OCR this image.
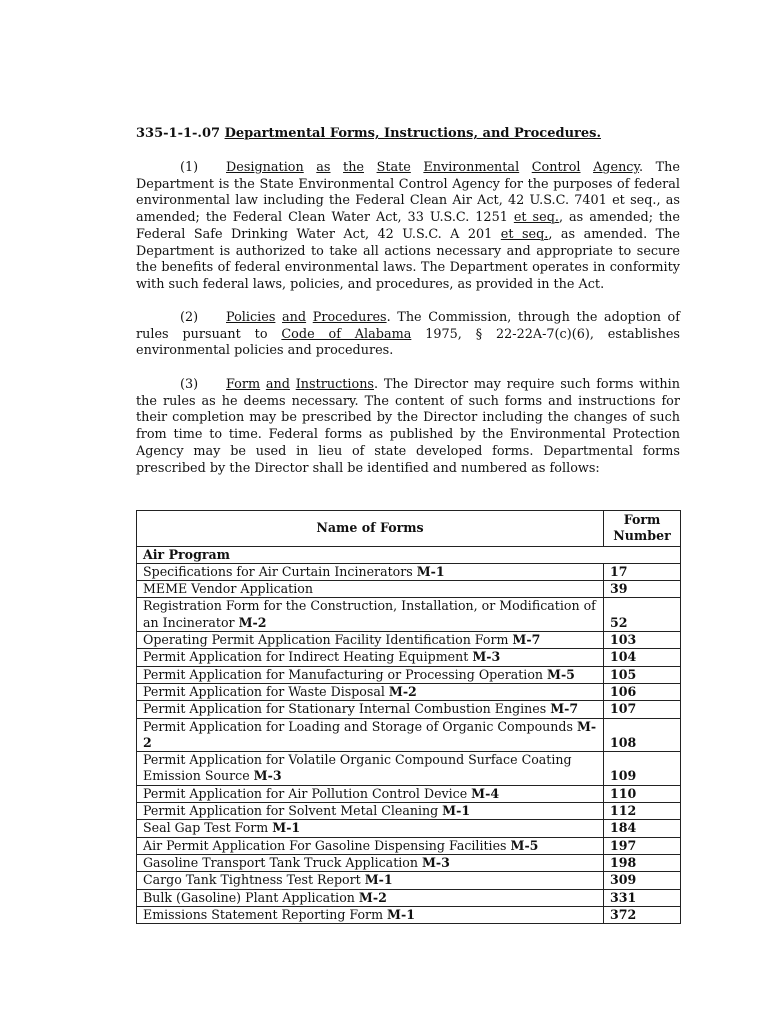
335-1-1-.07 Departmental Forms, Instructions, and Procedures.
(1) Designation as the State Environmental Control Agency. The Department is the State Environmental Control Agency for the purposes of federal environmental law including the Federal Clean Air Act, 42 U.S.C. 7401 et seq., as amended; the Federal Clean Water Act, 33 U.S.C. 1251 et seq., as amended; the Federal Safe Drinking Water Act, 42 U.S.C. A 201 et seq., as amended. The Department is authorized to take all actions necessary and appropriate to secure the benefits of federal environmental laws. The Department operates in conformity with such federal laws, policies, and procedures, as provided in the Act.
(2) Policies and Procedures. The Commission, through the adoption of rules pursuant to Code of Alabama 1975, § 22-22A-7(c)(6), establishes environmental policies and procedures.
(3) Form and Instructions. The Director may require such forms within the rules as he deems necessary. The content of such forms and instructions for their completion may be prescribed by the Director including the changes of such from time to time. Federal forms as published by the Environmental Protection Agency may be used in lieu of state developed forms. Departmental forms prescribed by the Director shall be identified and numbered as follows:
Name of Forms	Form
Number
Air Program	
Specifications for Air Curtain Incinerators M-1	17
MEME Vendor Application	39
Registration Form for the Construction, Installation, or Modification of an Incinerator M-2	52
Operating Permit Application Facility Identification Form M-7	103
Permit Application for Indirect Heating Equipment M-3	104
Permit Application for Manufacturing or Processing Operation M-5	105
Permit Application for Waste Disposal M-2	106
Permit Application for Stationary Internal Combustion Engines M-7	107
Permit Application for Loading and Storage of Organic Compounds M-2	108
Permit Application for Volatile Organic Compound Surface Coating Emission Source M-3	109
Permit Application for Air Pollution Control Device M-4	110
Permit Application for Solvent Metal Cleaning M-1	112
Seal Gap Test Form M-1	184
Air Permit Application For Gasoline Dispensing Facilities M-5	197
Gasoline Transport Tank Truck Application M-3	198
Cargo Tank Tightness Test Report M-1	309
Bulk (Gasoline) Plant Application M-2	331
Emissions Statement Reporting Form M-1	372
